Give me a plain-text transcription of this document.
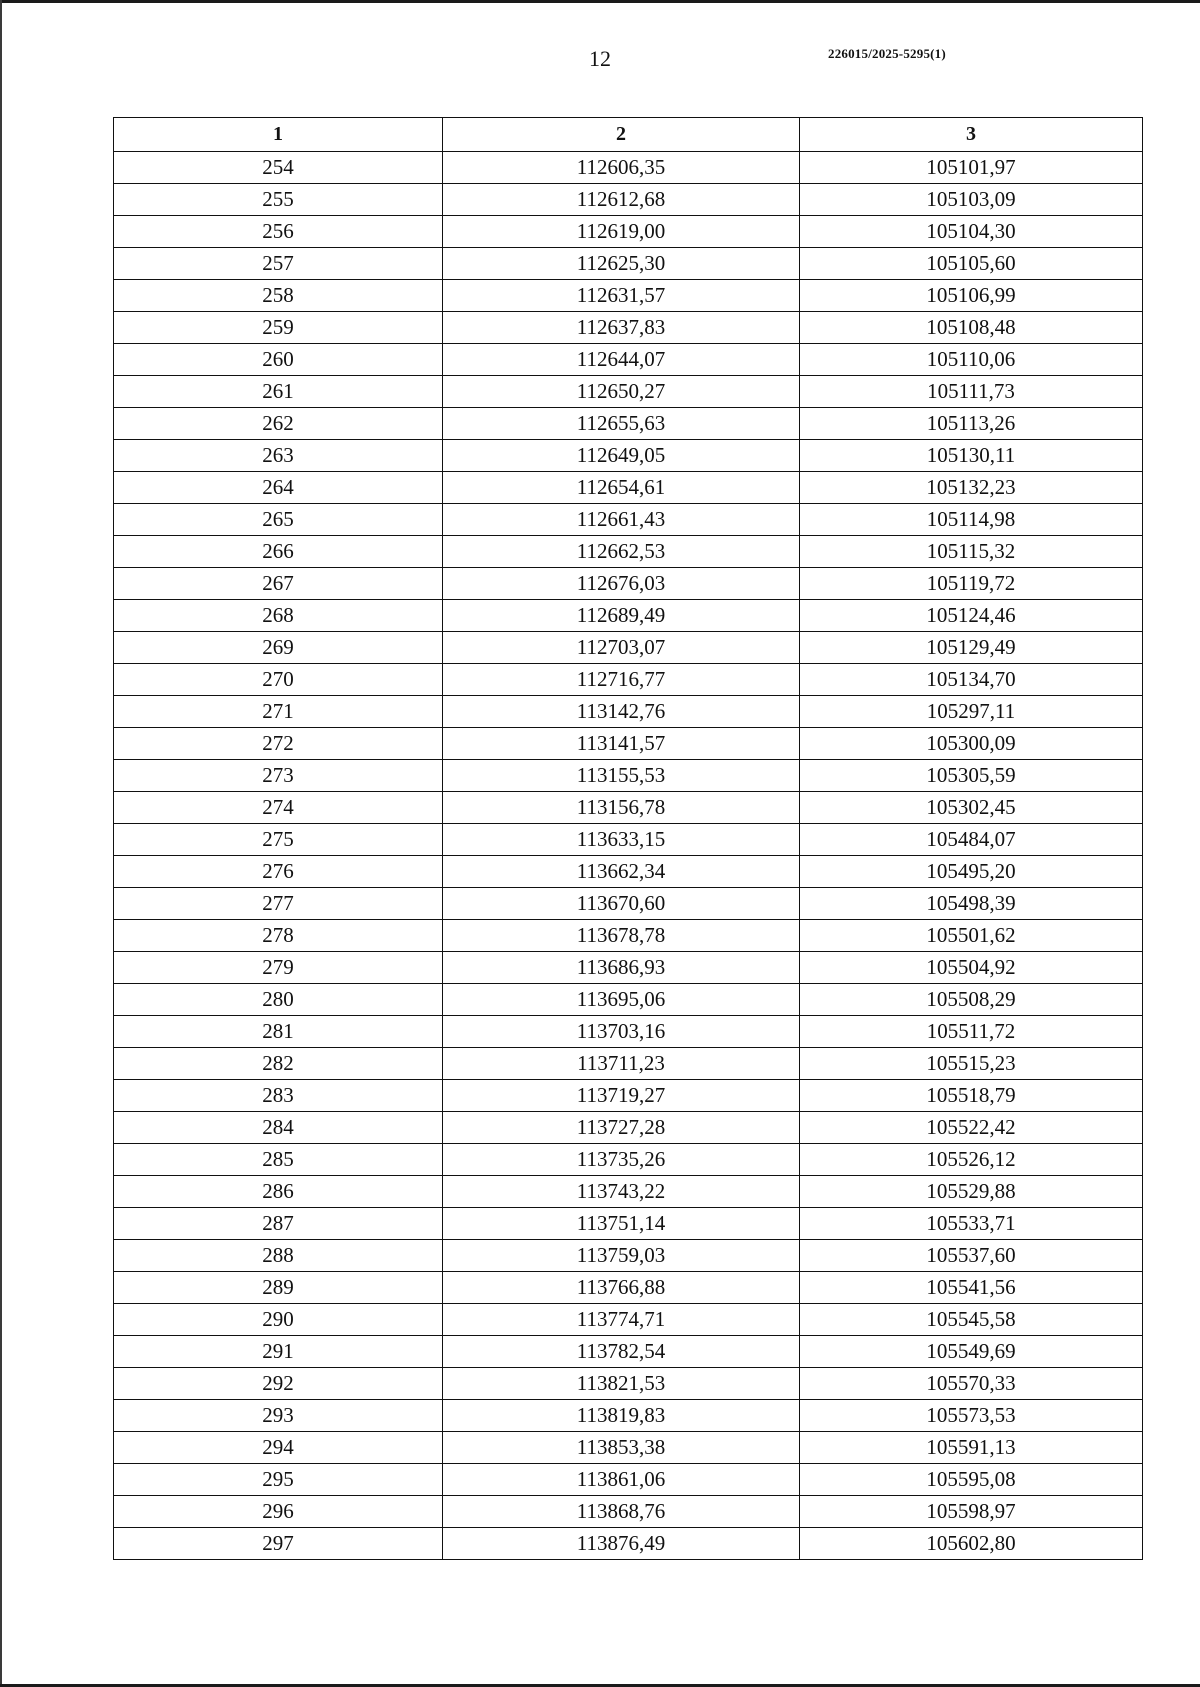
12	226015/2025-5295(1)
1	2	3
254	112606,35	105101,97
255	112612,68	105103,09
256	112619,00	105104,30
257	112625,30	105105,60
258	112631,57	105106,99
259	112637,83	105108,48
260	112644,07	105110,06
261	112650,27	105111,73
262	112655,63	105113,26
263	112649,05	105130,11
264	112654,61	105132,23
265	112661,43	105114,98
266	112662,53	105115,32
267	112676,03	105119,72
268	112689,49	105124,46
269	112703,07	105129,49
270	112716,77	105134,70
271	113142,76	105297,11
272	113141,57	105300,09
273	113155,53	105305,59
274	113156,78	105302,45
275	113633,15	105484,07
276	113662,34	105495,20
277	113670,60	105498,39
278	113678,78	105501,62
279	113686,93	105504,92
280	113695,06	105508,29
281	113703,16	105511,72
282	113711,23	105515,23
283	113719,27	105518,79
284	113727,28	105522,42
285	113735,26	105526,12
286	113743,22	105529,88
287	113751,14	105533,71
288	113759,03	105537,60
289	113766,88	105541,56
290	113774,71	105545,58
291	113782,54	105549,69
292	113821,53	105570,33
293	113819,83	105573,53
294	113853,38	105591,13
295	113861,06	105595,08
296	113868,76	105598,97
297	113876,49	105602,80
